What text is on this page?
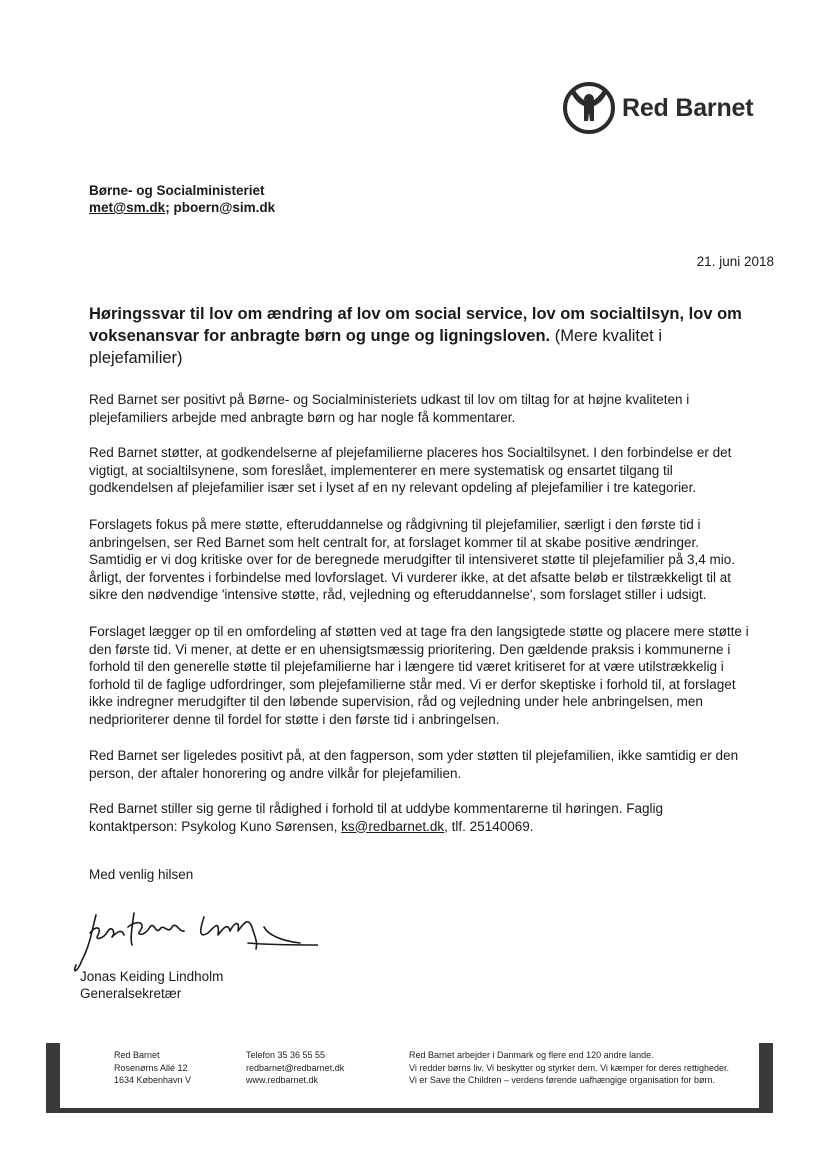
Red Barnet
Børne- og Socialministeriet
met@sm.dk; pboern@sim.dk
21. juni 2018
Høringssvar til lov om ændring af lov om social service, lov om socialtilsyn, lov om voksenansvar for anbragte børn og unge og ligningsloven. (Mere kvalitet i plejefamilier)

Red Barnet ser positivt på Børne- og Socialministeriets udkast til lov om tiltag for at højne kvaliteten i plejefamiliers arbejde med anbragte børn og har nogle få kommentarer.

Red Barnet støtter, at godkendelserne af plejefamilierne placeres hos Socialtilsynet. I den forbindelse er det vigtigt, at socialtilsynene, som foreslået, implementerer en mere systematisk og ensartet tilgang til godkendelsen af plejefamilier især set i lyset af en ny relevant opdeling af plejefamilier i tre kategorier.

Forslagets fokus på mere støtte, efteruddannelse og rådgivning til plejefamilier, særligt i den første tid i anbringelsen, ser Red Barnet som helt centralt for, at forslaget kommer til at skabe positive ændringer. Samtidig er vi dog kritiske over for de beregnede merudgifter til intensiveret støtte til plejefamilier på 3,4 mio. årligt, der forventes i forbindelse med lovforslaget. Vi vurderer ikke, at det afsatte beløb er tilstrækkeligt til at sikre den nødvendige 'intensive støtte, råd, vejledning og efteruddannelse', som forslaget stiller i udsigt.

Forslaget lægger op til en omfordeling af støtten ved at tage fra den langsigtede støtte og placere mere støtte i den første tid. Vi mener, at dette er en uhensigtsmæssig prioritering. Den gældende praksis i kommunerne i forhold til den generelle støtte til plejefamilierne har i længere tid været kritiseret for at være utilstrækkelig i forhold til de faglige udfordringer, som plejefamilierne står med. Vi er derfor skeptiske i forhold til, at forslaget ikke indregner merudgifter til den løbende supervision, råd og vejledning under hele anbringelsen, men nedprioriterer denne til fordel for støtte i den første tid i anbringelsen.

Red Barnet ser ligeledes positivt på, at den fagperson, som yder støtten til plejefamilien, ikke samtidig er den person, der aftaler honorering og andre vilkår for plejefamilien.

Red Barnet stiller sig gerne til rådighed i forhold til at uddybe kommentarerne til høringen. Faglig kontaktperson: Psykolog Kuno Sørensen, ks@redbarnet.dk, tlf. 25140069.

Med venlig hilsen
Jonas Keiding Lindholm
Generalsekretær
Red Barnet
Rosenørns Allé 12
1634 København V
Telefon 35 36 55 55
redbarnet@redbarnet.dk
www.redbarnet.dk
Red Barnet arbejder i Danmark og flere end 120 andre lande.
Vi redder børns liv. Vi beskytter og styrker dem. Vi kæmper for deres rettigheder.
Vi er Save the Children – verdens førende uafhængige organisation for børn.
